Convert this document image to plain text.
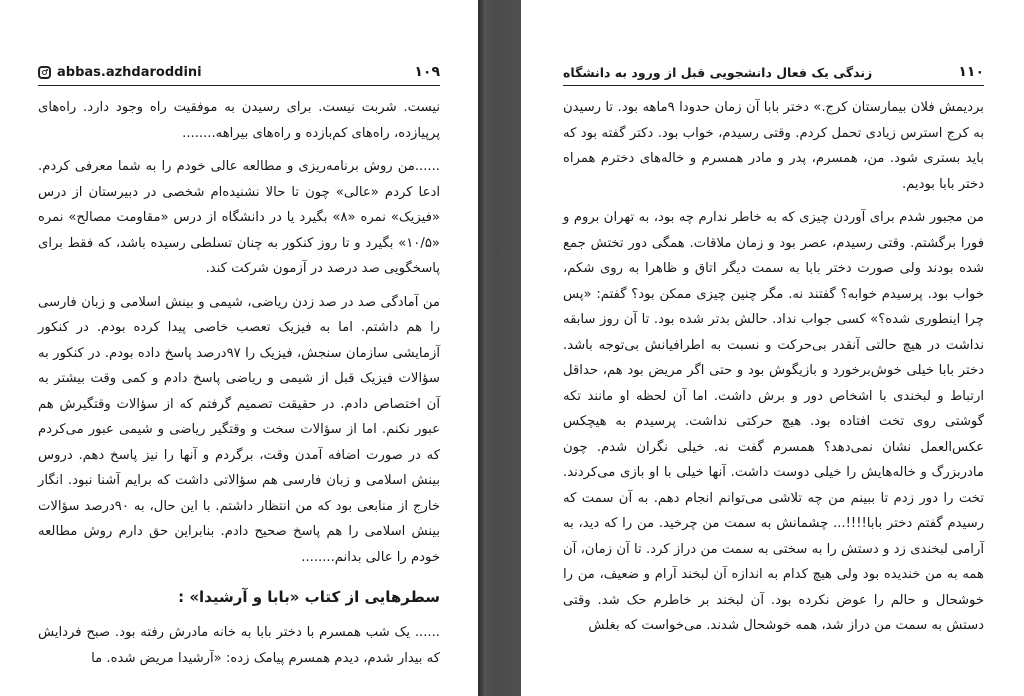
abbas.azhdaroddini	۱۰۹

نیست. شربت نیست. برای رسیدن به موفقیت راه وجود دارد. راه‌های پرپیازده، راه‌های کم‌بازده و راه‌های بیراهه........

......من روش برنامه‌ریزی و مطالعه عالی خودم را به شما معرفی کردم. ادعا کردم «عالی» چون تا حالا نشنیده‌ام شخصی در دبیرستان از درس «فیزیک» نمره «۸» بگیرد یا در دانشگاه از درس «مقاومت مصالح» نمره «۱۰/۵» بگیرد و تا روز کنکور به چنان تسلطی رسیده باشد، که فقط برای پاسخگویی صد درصد در آزمون شرکت کند.

من آمادگی صد در صد زدن ریاضی، شیمی و بینش اسلامی و زبان فارسی را هم داشتم. اما به فیزیک تعصب خاصی پیدا کرده بودم. در کنکور آزمایشی سازمان سنجش، فیزیک را ۹۷درصد پاسخ داده بودم. در کنکور به سؤالات فیزیک قبل از شیمی و ریاضی پاسخ دادم و کمی وقت بیشتر به آن اختصاص دادم. در حقیقت تصمیم گرفتم که از سؤالات وقتگیرش هم عبور نکنم. اما از سؤالات سخت و وقتگیر ریاضی و شیمی عبور می‌کردم که در صورت اضافه آمدن وقت، برگردم و آنها را نیز پاسخ دهم. دروس بینش اسلامی و زبان فارسی هم سؤالاتی داشت که برایم آشنا نبود. انگار خارج از منابعی بود که من انتظار داشتم. با این حال، به ۹۰درصد سؤالات بینش اسلامی را هم پاسخ صحیح دادم. بنابراین حق دارم روش مطالعه خودم را عالی بدانم........

سطرهایی از کتاب «بابا و آرشیدا» :

...... یک شب همسرم با دختر بابا به خانه مادرش رفته بود. صبح فردایش که بیدار شدم، دیدم همسرم پیامک زده: «آرشیدا مریض شده. ما

زندگی یک فعال دانشجویی قبل از ورود به دانشگاه	۱۱۰

بردیمش فلان بیمارستان کرج.» دختر بابا آن زمان حدودا ۹ماهه بود. تا رسیدن به کرج استرس زیادی تحمل کردم. وقتی رسیدم، خواب بود. دکتر گفته بود که باید بستری شود. من، همسرم، پدر و مادر همسرم و خاله‌های دخترم همراه دختر بابا بودیم.

من مجبور شدم برای آوردن چیزی که به خاطر ندارم چه بود، به تهران بروم و فورا برگشتم. وقتی رسیدم، عصر بود و زمان ملاقات. همگی دور تختش جمع شده بودند ولی صورت دختر بابا به سمت دیگر اتاق و ظاهرا به روی شکم، خواب بود. پرسیدم خوابه؟ گفتند نه. مگر چنین چیزی ممکن بود؟ گفتم: «پس چرا اینطوری شده؟» کسی جواب نداد. حالش بدتر شده بود. تا آن روز سابقه نداشت در هیچ حالتی آنقدر بی‌حرکت و نسبت به اطرافیانش بی‌توجه باشد. دختر بابا خیلی خوش‌برخورد و بازیگوش بود و حتی اگر مریض بود هم، حداقل ارتباط و لبخندی با اشخاص دور و برش داشت. اما آن لحظه او مانند تکه گوشتی روی تخت افتاده بود. هیچ حرکتی نداشت. پرسیدم به هیچکس عکس‌العمل نشان نمی‌دهد؟ همسرم گفت نه. خیلی نگران شدم. چون مادربزرگ و خاله‌هایش را خیلی دوست داشت. آنها خیلی با او بازی می‌کردند. تخت را دور زدم تا ببینم من چه تلاشی می‌توانم انجام دهم. به آن سمت که رسیدم گفتم دختر بابا!!!!... چشمانش به سمت من چرخید. من را که دید، به آرامی لبخندی زد و دستش را به سختی به سمت من دراز کرد. تا آن زمان، آن همه به من خندیده بود ولی هیچ کدام به اندازه آن لبخند آرام و ضعیف، من را خوشحال و حالم را عوض نکرده بود. آن لبخند بر خاطرم حک شد. وقتی دستش به سمت من دراز شد، همه خوشحال شدند. می‌خواست که بغلش
